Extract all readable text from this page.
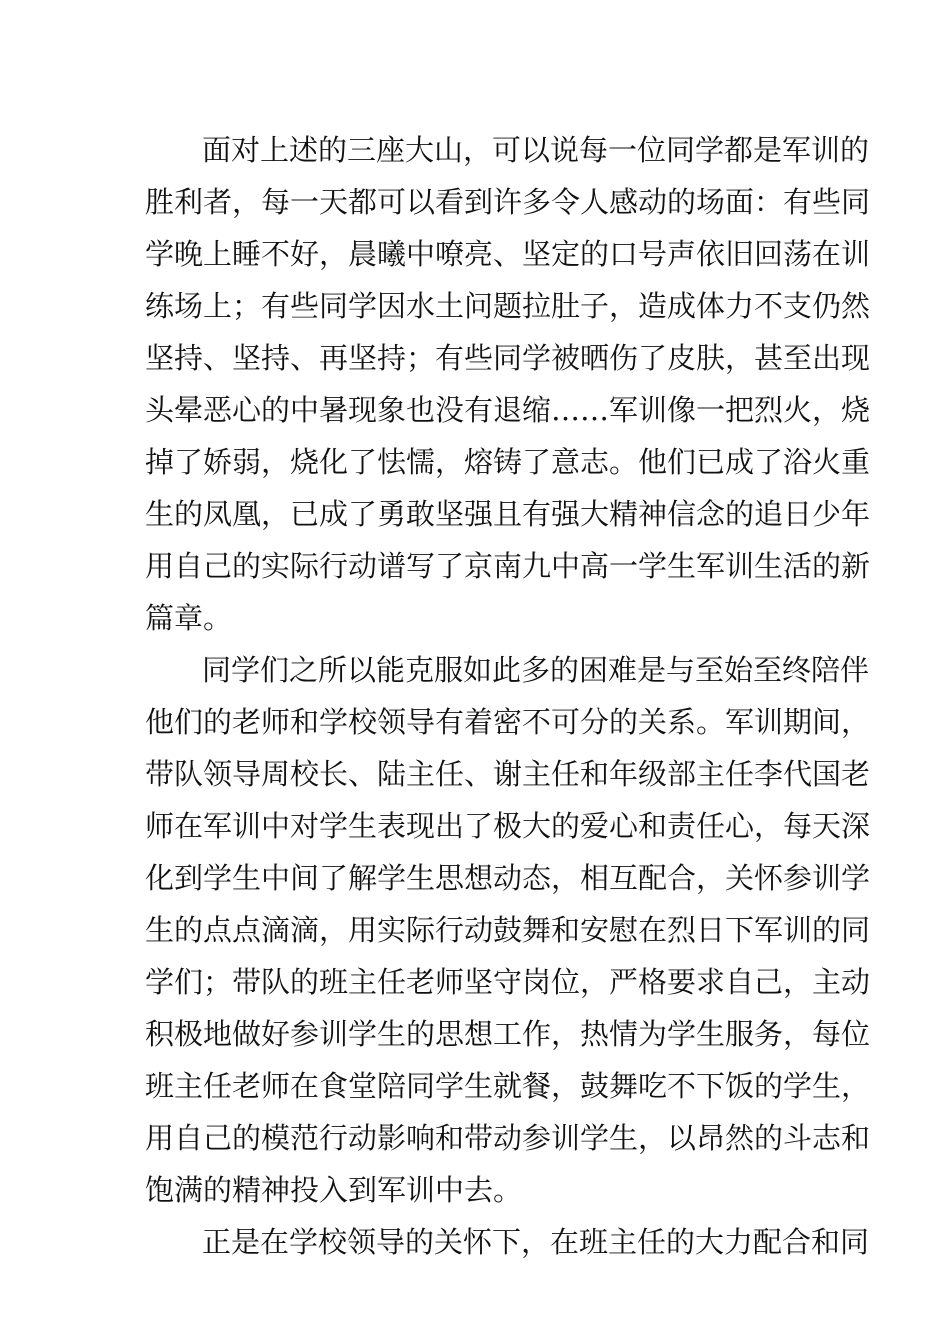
面对上述的三座大山，可以说每一位同学都是军训的
胜利者，每一天都可以看到许多令人感动的场面：有些同
学晚上睡不好，晨曦中嘹亮、坚定的口号声依旧回荡在训
练场上；有些同学因水土问题拉肚子，造成体力不支仍然
坚持、坚持、再坚持；有些同学被晒伤了皮肤，甚至出现
头晕恶心的中暑现象也没有退缩……军训像一把烈火，烧
掉了娇弱，烧化了怯懦，熔铸了意志。他们已成了浴火重
生的凤凰，已成了勇敢坚强且有强大精神信念的追日少年
用自己的实际行动谱写了京南九中高一学生军训生活的新
篇章。
同学们之所以能克服如此多的困难是与至始至终陪伴
他们的老师和学校领导有着密不可分的关系。军训期间，
带队领导周校长、陆主任、谢主任和年级部主任李代国老
师在军训中对学生表现出了极大的爱心和责任心，每天深
化到学生中间了解学生思想动态，相互配合，关怀参训学
生的点点滴滴，用实际行动鼓舞和安慰在烈日下军训的同
学们；带队的班主任老师坚守岗位，严格要求自己，主动
积极地做好参训学生的思想工作，热情为学生服务，每位
班主任老师在食堂陪同学生就餐，鼓舞吃不下饭的学生，
用自己的模范行动影响和带动参训学生，以昂然的斗志和
饱满的精神投入到军训中去。
正是在学校领导的关怀下，在班主任的大力配合和同
